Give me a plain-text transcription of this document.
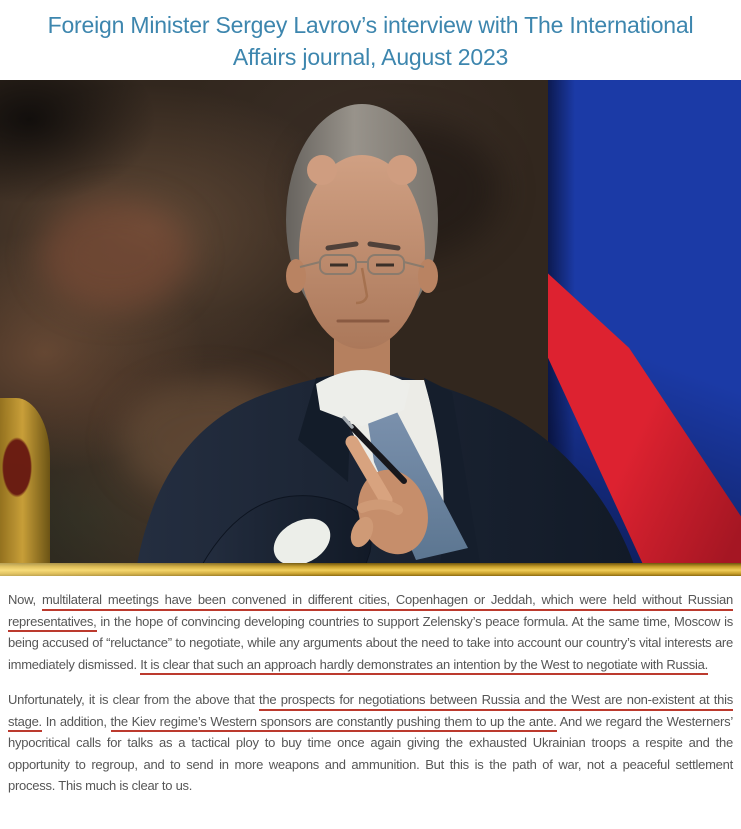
Foreign Minister Sergey Lavrov’s interview with The International Affairs journal, August 2023

Now, multilateral meetings have been convened in different cities, Copenhagen or Jeddah, which were held without Russian representatives, in the hope of convincing developing countries to support Zelensky’s peace formula. At the same time, Moscow is being accused of “reluctance” to negotiate, while any arguments about the need to take into account our country’s vital interests are immediately dismissed. It is clear that such an approach hardly demonstrates an intention by the West to negotiate with Russia.

Unfortunately, it is clear from the above that the prospects for negotiations between Russia and the West are non-existent at this stage. In addition, the Kiev regime’s Western sponsors are constantly pushing them to up the ante. And we regard the Westerners’ hypocritical calls for talks as a tactical ploy to buy time once again giving the exhausted Ukrainian troops a respite and the opportunity to regroup, and to send in more weapons and ammunition. But this is the path of war, not a peaceful settlement process. This much is clear to us.
